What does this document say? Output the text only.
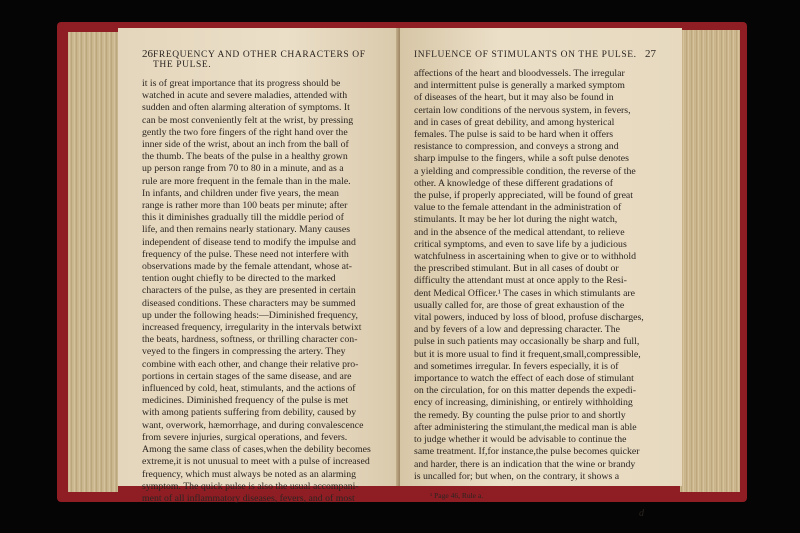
26 FREQUENCY AND OTHER CHARACTERS OF THE PULSE.
it is of great importance that its progress should be
watched in acute and severe maladies, attended with
sudden and often alarming alteration of symptoms. It
can be most conveniently felt at the wrist, by pressing
gently the two fore fingers of the right hand over the
inner side of the wrist, about an inch from the ball of
the thumb. The beats of the pulse in a healthy grown
up person range from 70 to 80 in a minute, and as a
rule are more frequent in the female than in the male.
In infants, and children under five years, the mean
range is rather more than 100 beats per minute; after
this it diminishes gradually till the middle period of
life, and then remains nearly stationary. Many causes
independent of disease tend to modify the impulse and
frequency of the pulse. These need not interfere with
observations made by the female attendant, whose at-
tention ought chiefly to be directed to the marked
characters of the pulse, as they are presented in certain
diseased conditions. These characters may be summed
up under the following heads:—Diminished frequency,
increased frequency, irregularity in the intervals betwixt
the beats, hardness, softness, or thrilling character con-
veyed to the fingers in compressing the artery. They
combine with each other, and change their relative pro-
portions in certain stages of the same disease, and are
influenced by cold, heat, stimulants, and the actions of
medicines. Diminished frequency of the pulse is met
with among patients suffering from debility, caused by
want, overwork, hæmorrhage, and during convalescence
from severe injuries, surgical operations, and fevers.
Among the same class of cases,when the debility becomes
extreme,it is not unusual to meet with a pulse of increased
frequency, which must always be noted as an alarming
symptom. The quick pulse is also the usual accompani-
ment of all inflammatory diseases, fevers, and of most
INFLUENCE OF STIMULANTS ON THE PULSE. 27
affections of the heart and bloodvessels. The irregular
and intermittent pulse is generally a marked symptom
of diseases of the heart, but it may also be found in
certain low conditions of the nervous system, in fevers,
and in cases of great debility, and among hysterical
females. The pulse is said to be hard when it offers
resistance to compression, and conveys a strong and
sharp impulse to the fingers, while a soft pulse denotes
a yielding and compressible condition, the reverse of the
other. A knowledge of these different gradations of
the pulse, if properly appreciated, will be found of great
value to the female attendant in the administration of
stimulants. It may be her lot during the night watch,
and in the absence of the medical attendant, to relieve
critical symptoms, and even to save life by a judicious
watchfulness in ascertaining when to give or to withhold
the prescribed stimulant. But in all cases of doubt or
difficulty the attendant must at once apply to the Resi-
dent Medical Officer.¹ The cases in which stimulants are
usually called for, are those of great exhaustion of the
vital powers, induced by loss of blood, profuse discharges,
and by fevers of a low and depressing character. The
pulse in such patients may occasionally be sharp and full,
but it is more usual to find it frequent,small,compressible,
and sometimes irregular. In fevers especially, it is of
importance to watch the effect of each dose of stimulant
on the circulation, for on this matter depends the expedi-
ency of increasing, diminishing, or entirely withholding
the remedy. By counting the pulse prior to and shortly
after administering the stimulant,the medical man is able
to judge whether it would be advisable to continue the
same treatment. If,for instance,the pulse becomes quicker
and harder, there is an indication that the wine or brandy
is uncalled for; but when, on the contrary, it shows a
¹ Page 46, Rule a.
d
